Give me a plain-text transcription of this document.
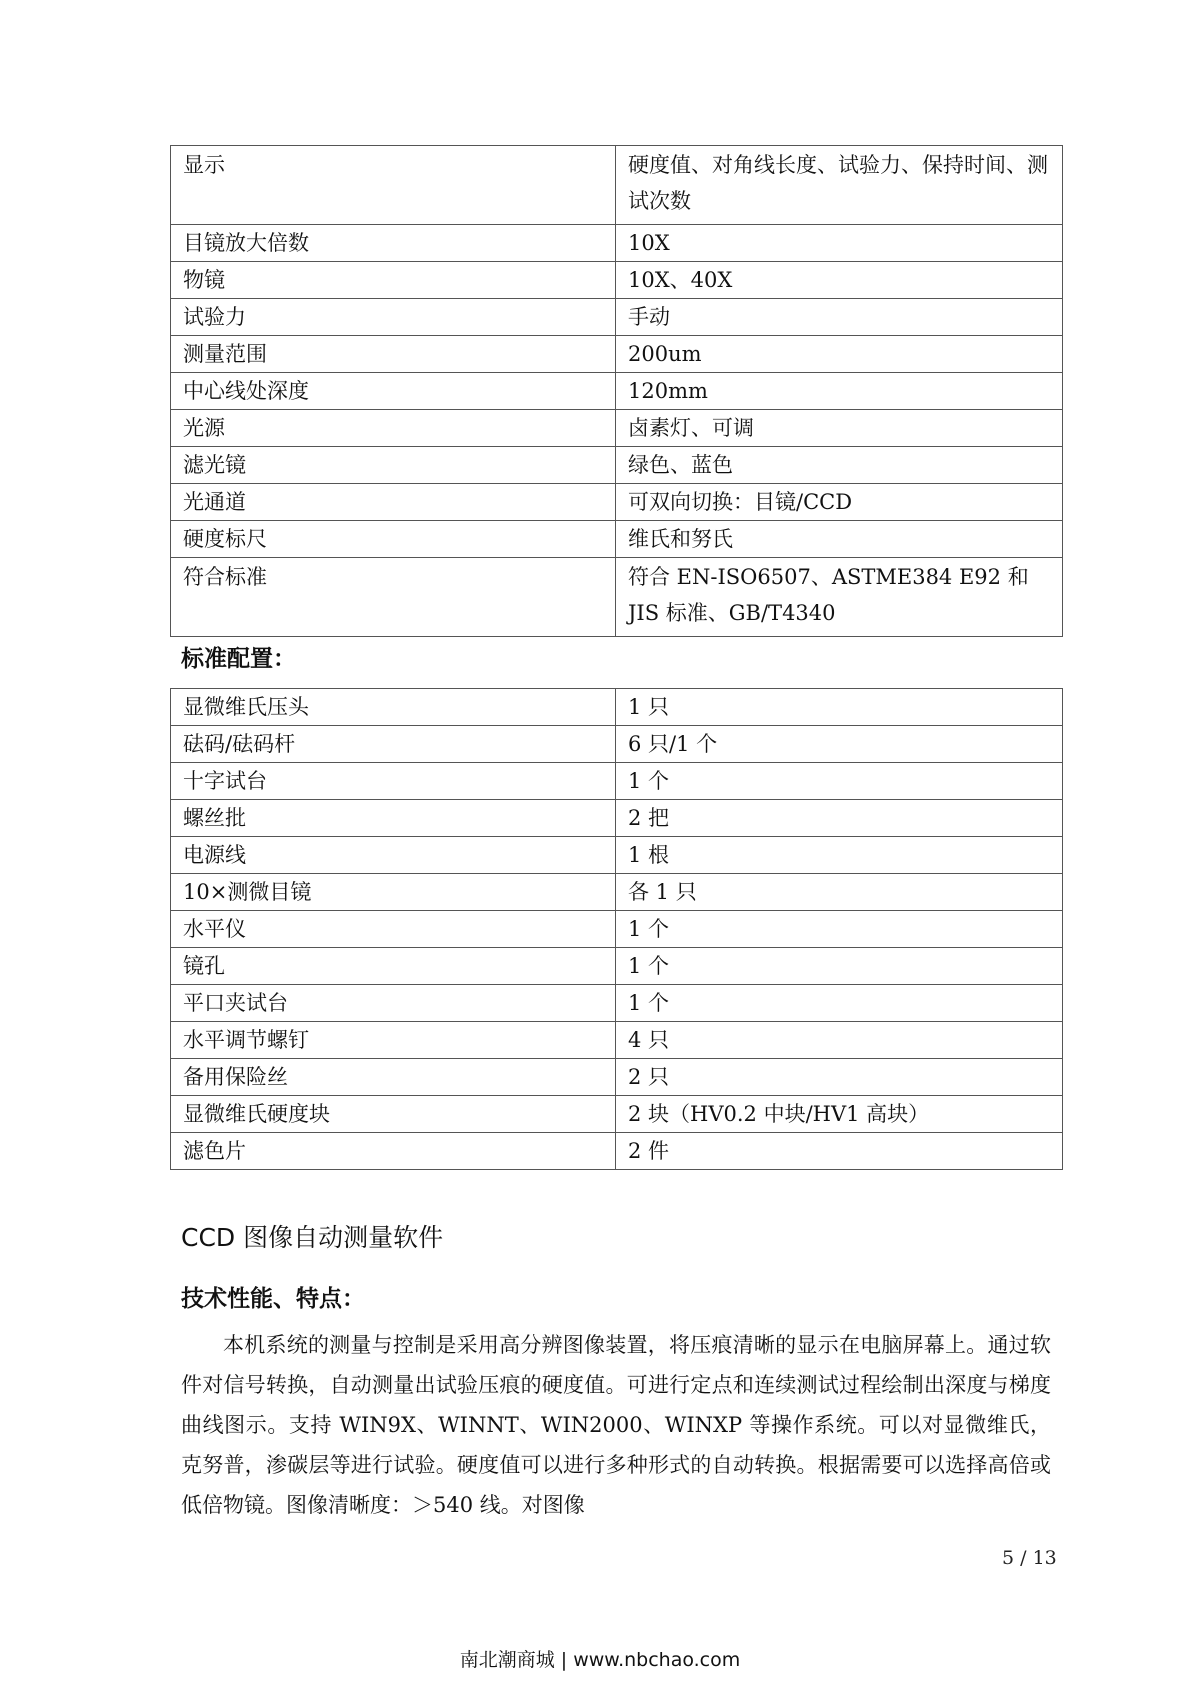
显示	硬度值、对角线长度、试验力、保持时间、测试次数
目镜放大倍数	10X
物镜	10X、40X
试验力	手动
测量范围	200um
中心线处深度	120mm
光源	卤素灯、可调
滤光镜	绿色、蓝色
光通道	可双向切换：目镜/CCD
硬度标尺	维氏和努氏
符合标准	符合 EN-ISO6507、ASTME384 E92 和 JIS 标准、GB/T4340
标准配置：
显微维氏压头	1 只
砝码/砝码杆	6 只/1 个
十字试台	1 个
螺丝批	2 把
电源线	1 根
10×测微目镜	各 1 只
水平仪	1 个
镜孔	1 个
平口夹试台	1 个
水平调节螺钉	4 只
备用保险丝	2 只
显微维氏硬度块	2 块（HV0.2 中块/HV1 高块）
滤色片	2 件
CCD 图像自动测量软件
技术性能、特点：

本机系统的测量与控制是采用高分辨图像装置，将压痕清晰的显示在电脑屏幕上。通过软件对信号转换，自动测量出试验压痕的硬度值。可进行定点和连续测试过程绘制出深度与梯度曲线图示。支持 WIN9X、WINNT、WIN2000、WINXP 等操作系统。可以对显微维氏，克努普，渗碳层等进行试验。硬度值可以进行多种形式的自动转换。根据需要可以选择高倍或低倍物镜。图像清晰度：＞540 线。对图像

5 / 13
南北潮商城 | www.nbchao.com
